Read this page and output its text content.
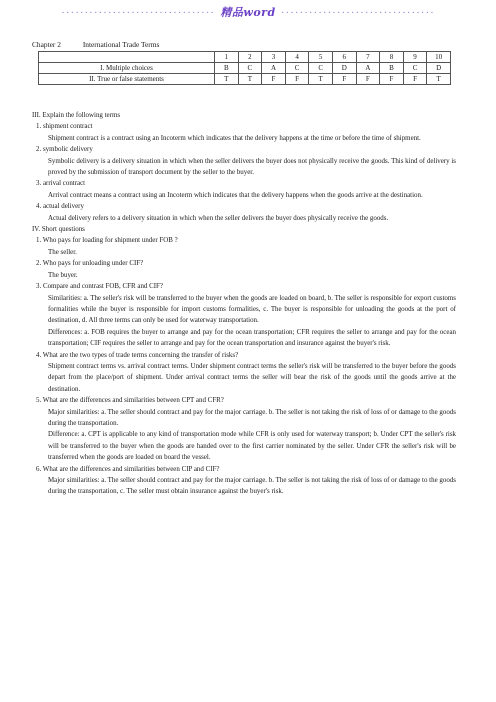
································· 精品word ·································
Chapter 2	International Trade Terms
	1	2	3	4	5	6	7	8	9	10
I. Multiple choices	B	C	A	C	C	D	A	B	C	D
II. True or false statements	T	T	F	F	T	F	F	F	F	T

III. Explain the following terms

1. shipment contract

Shipment contract is a contract using an Incoterm which indicates that the delivery happens at the time or before the time of shipment.

2. symbolic delivery

Symbolic delivery is a delivery situation in which when the seller delivers the buyer does not physically receive the goods. This kind of delivery is proved by the submission of transport document by the seller to the buyer.

3. arrival contract

Arrival contract means a contract using an Incoterm which indicates that the delivery happens when the goods arrive at the destination.

4. actual delivery

Actual delivery refers to a delivery situation in which when the seller delivers the buyer does physically receive the goods.

IV. Short questions

1. Who pays for loading for shipment under FOB ?

The seller.

2. Who pays for unloading under CIF?

The buyer.

3. Compare and contrast FOB, CFR and CIF?

Similarities: a. The seller's risk will be transferred to the buyer when the goods are loaded on board, b. The seller is responsible for export customs formalities while the buyer is responsible for import customs formalities, c. The buyer is responsible for unloading the goods at the port of destination, d. All three terms can only be used for waterway transportation.

Differences: a. FOB requires the buyer to arrange and pay for the ocean transportation; CFR requires the seller to arrange and pay for the ocean transportation; CIF requires the seller to arrange and pay for the ocean transportation and insurance against the buyer's risk.

4. What are the two types of trade terms concerning the transfer of risks?

Shipment contract terms vs. arrival contract terms. Under shipment contract terms the seller's risk will be transferred to the buyer before the goods depart from the place/port of shipment. Under arrival contract terms the seller will bear the risk of the goods until the goods arrive at the destination.

5. What are the differences and similarities between CPT and CFR?

Major similarities: a. The seller should contract and pay for the major carriage. b. The seller is not taking the risk of loss of or damage to the goods during the transportation.

Difference: a. CPT is applicable to any kind of transportation mode while CFR is only used for waterway transport; b. Under CPT the seller's risk will be transferred to the buyer when the goods are handed over to the first carrier nominated by the seller. Under CFR the seller's risk will be transferred when the goods are loaded on board the vessel.

6. What are the differences and similarities between CIP and CIF?

Major similarities: a. The seller should contract and pay for the major carriage. b. The seller is not taking the risk of loss of or damage to the goods during the transportation, c. The seller must obtain insurance against the buyer's risk.
